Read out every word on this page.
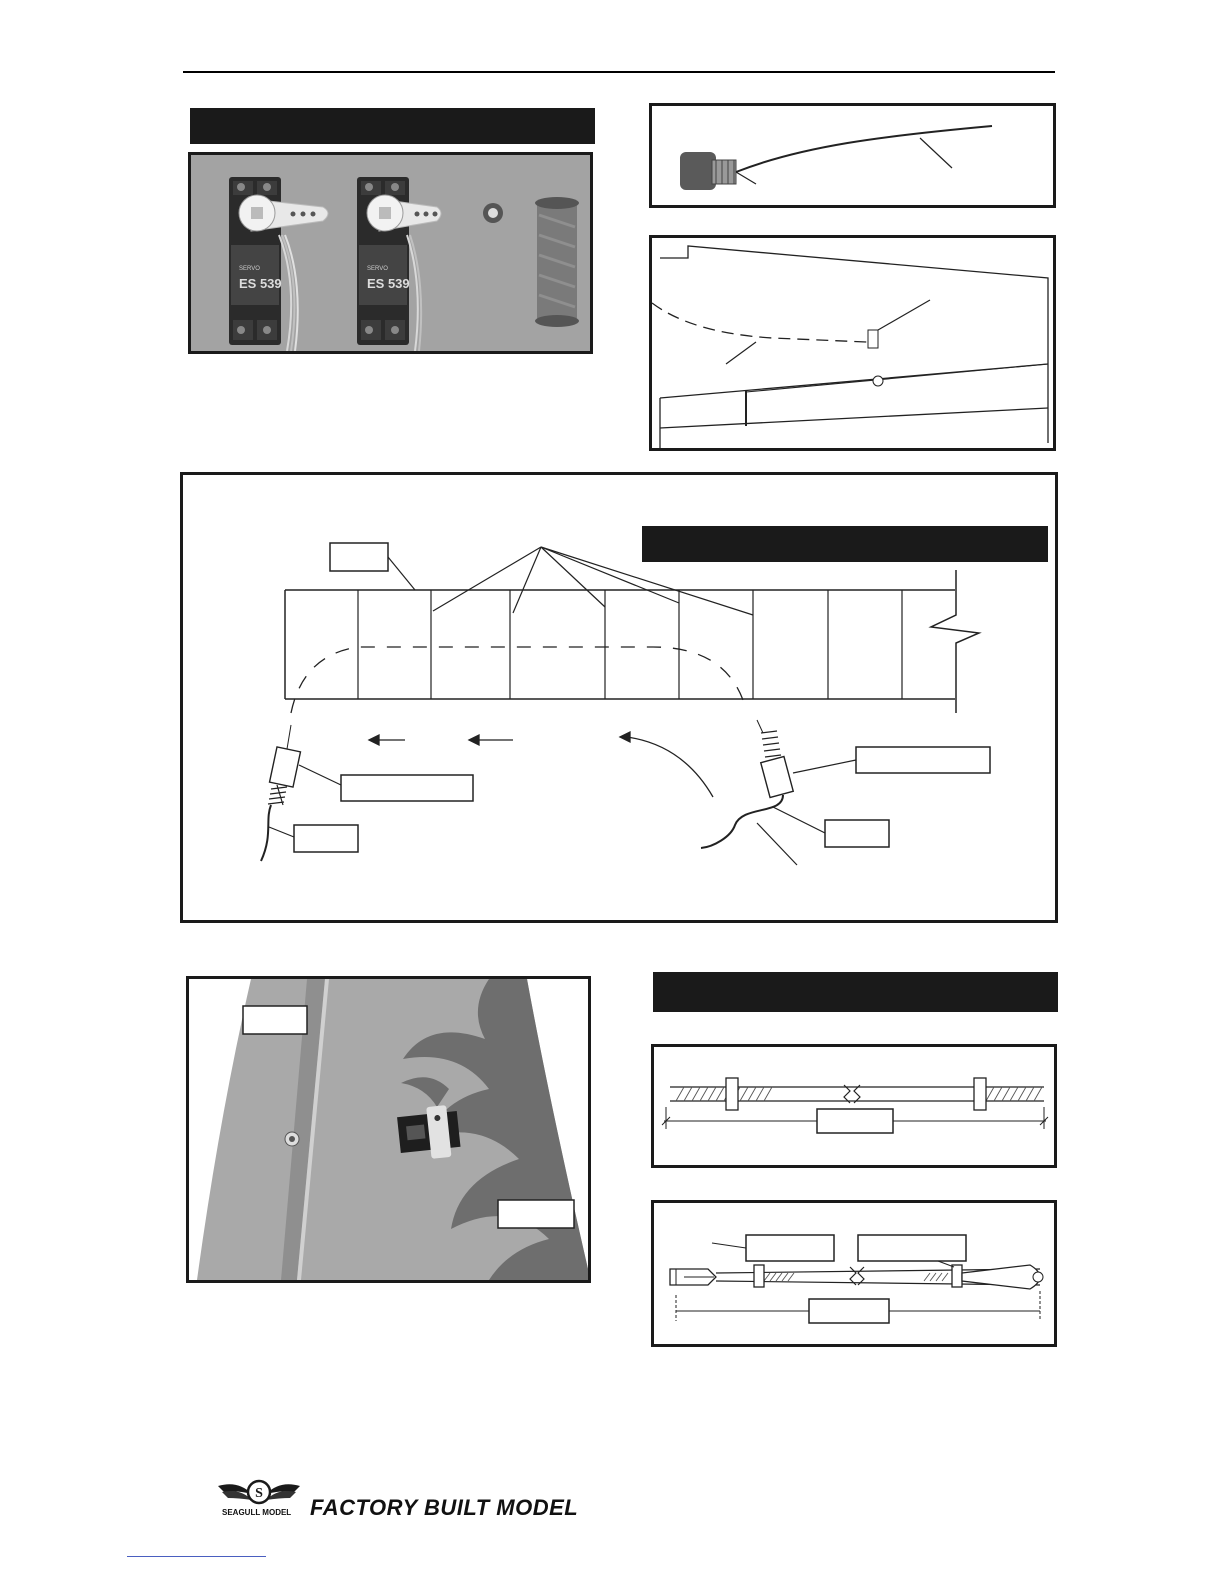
SERVO
ES 539
SERVO
ES 539
S
SEAGULL MODEL FACTORY BUILT MODEL
